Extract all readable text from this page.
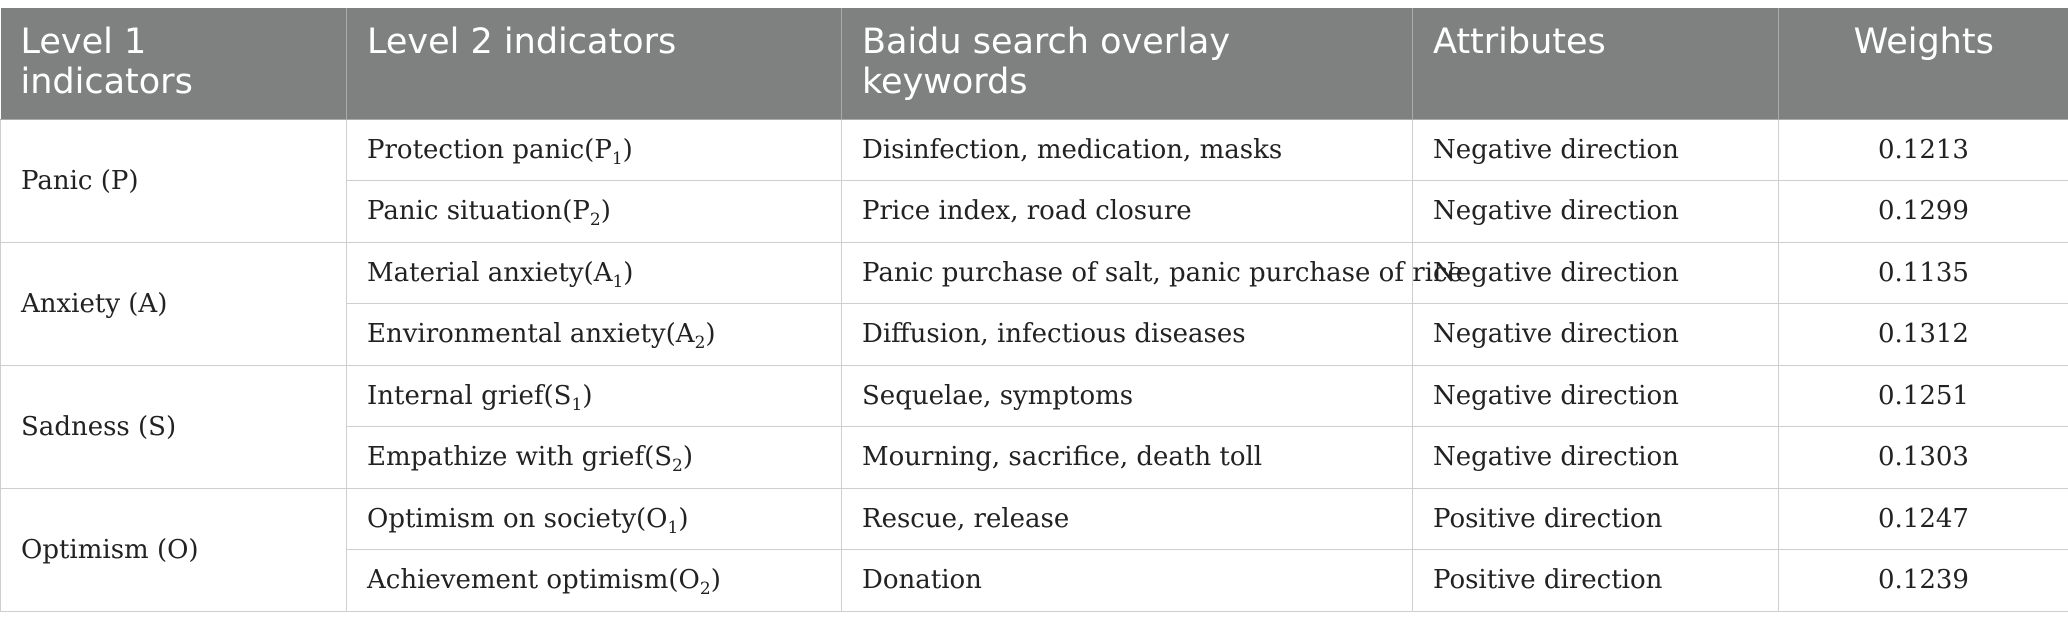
Level 1 indicators	Level 2 indicators	Baidu search overlay keywords	Attributes	Weights
Panic (P)	Protection $panic(P_1)$	Disinfection, medication, masks	Negative direction	0.1213
	Panic $situation(P_2)$	Price index, road closure	Negative direction	0.1299
Anxiety (A)	Material $anxiety(A_1)$	Panic purchase of salt, panic purchase of rice	Negative direction	0.1135
	Environmental $anxiety(A_2)$	Diffusion, infectious diseases	Negative direction	0.1312
Sadness (S)	Internal $grief(S_1)$	Sequelae, symptoms	Negative direction	0.1251
	Empathize with $grief(S_2)$	Mourning, sacrifice, death toll	Negative direction	0.1303
Optimism (O)	Optimism on $society(O_1)$	Rescue, release	Positive direction	0.1247
	Achievement $optimism(O_2)$	Donation	Positive direction	0.1239
